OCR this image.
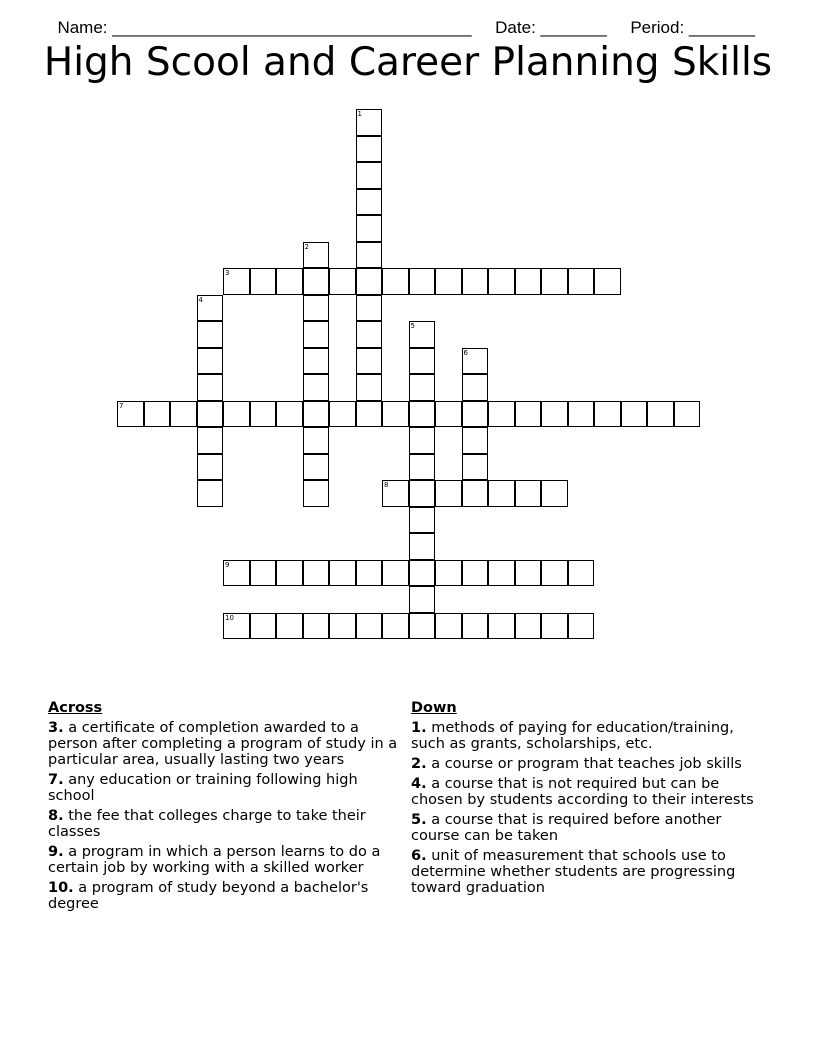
Name: ______________________________________ Date: _______ Period: _______

High Scool and Career Planning Skills
1
2
3
4
5
6
7
8
9
10
Across
3. a certificate of completion awarded to a person after completing a program of study in a particular area, usually lasting two years
7. any education or training following high school
8. the fee that colleges charge to take their classes
9. a program in which a person learns to do a certain job by working with a skilled worker
10. a program of study beyond a bachelor's degree
Down
1. methods of paying for education/training, such as grants, scholarships, etc.
2. a course or program that teaches job skills
4. a course that is not required but can be chosen by students according to their interests
5. a course that is required before another course can be taken
6. unit of measurement that schools use to determine whether students are progressing toward graduation
